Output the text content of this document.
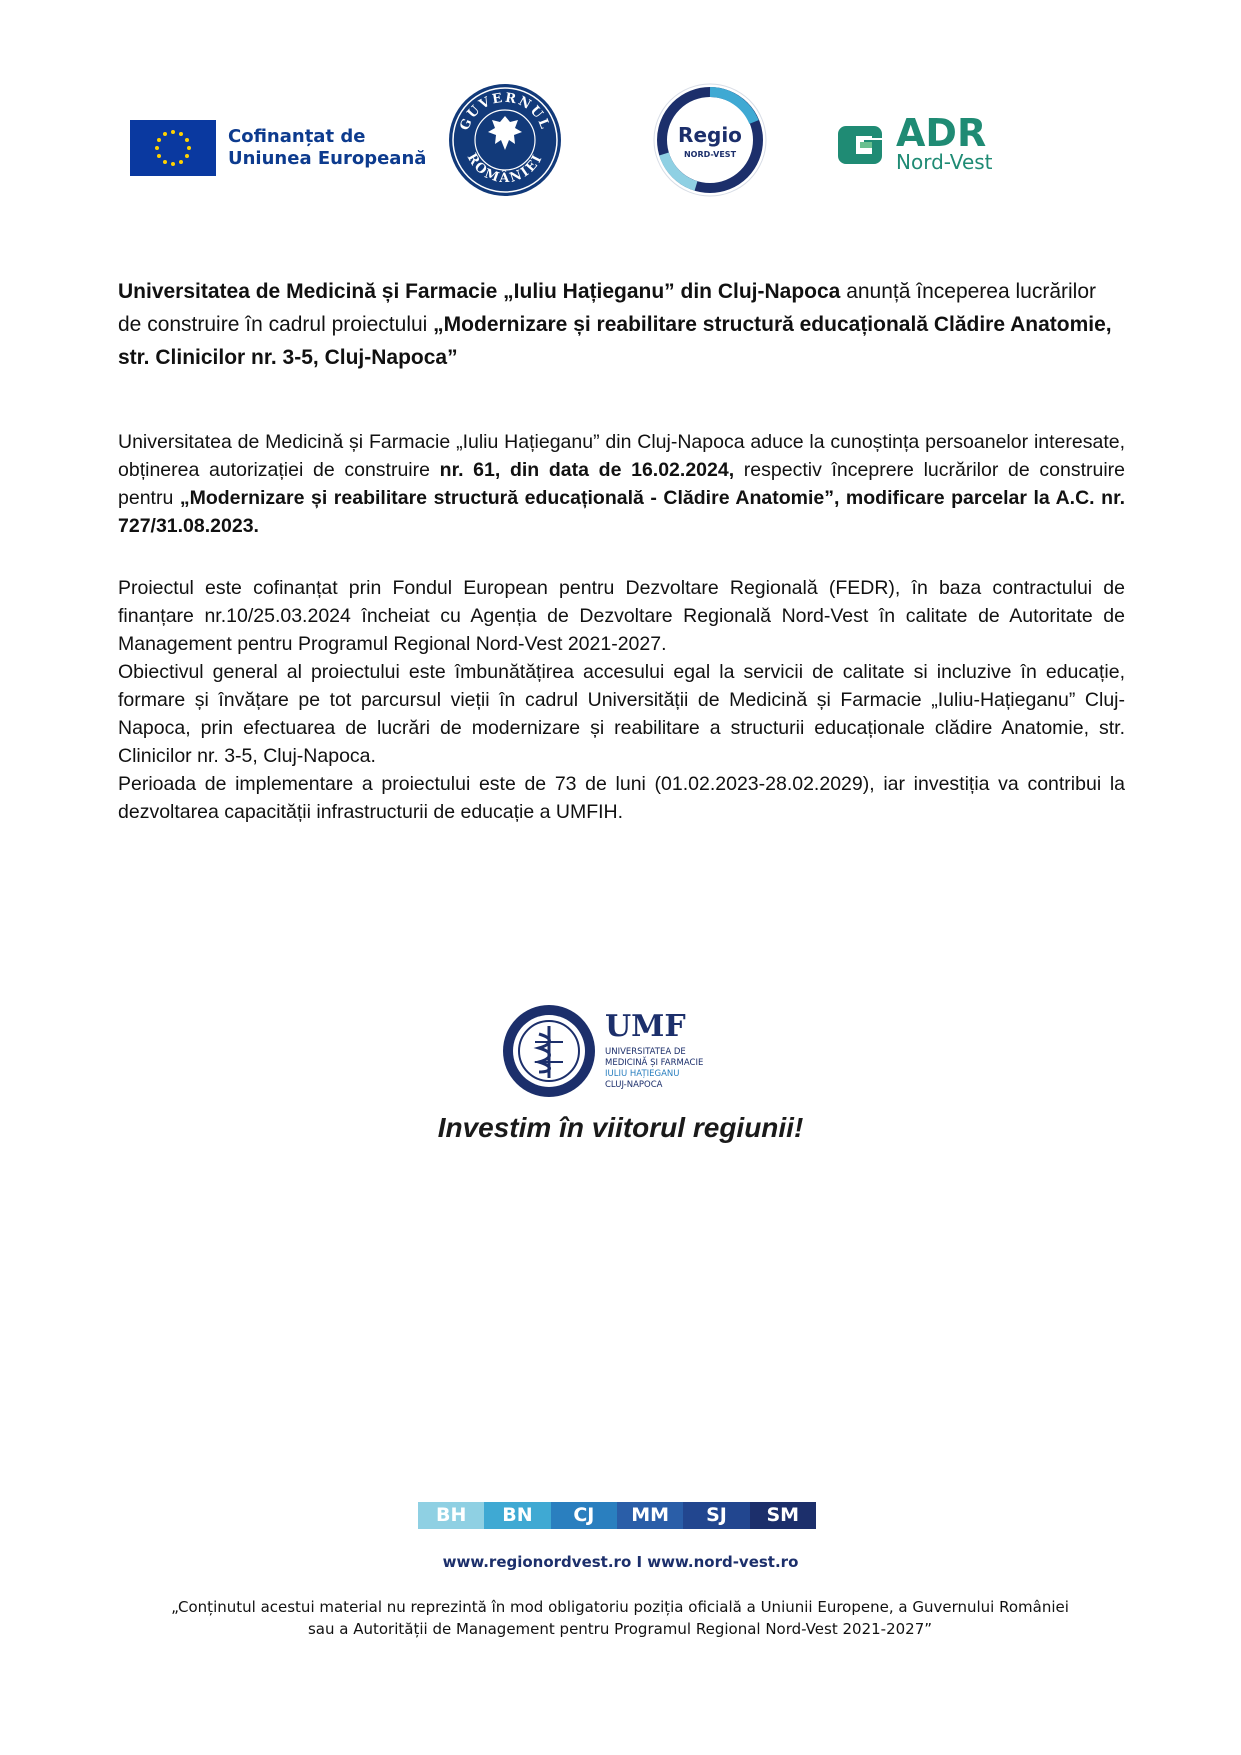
Cofinanțat de
Uniunea Europeană
GUVERNUL
ROMÂNIEI
Regio
NORD-VEST	ADR
Nord-Vest
Universitatea de Medicină și Farmacie „Iuliu Hațieganu” din Cluj-Napoca anunță începerea lucrărilor de construire în cadrul proiectului „Modernizare și reabilitare structură educațională Clădire Anatomie, str. Clinicilor nr. 3-5, Cluj-Napoca”
Universitatea de Medicină și Farmacie „Iuliu Hațieganu” din Cluj-Napoca aduce la cunoștința persoanelor interesate, obținerea autorizației de construire nr. 61, din data de 16.02.2024, respectiv începrere lucrărilor de construire pentru „Modernizare și reabilitare structură educațională - Clădire Anatomie”, modificare parcelar la A.C. nr. 727/31.08.2023.

Proiectul este cofinanțat prin Fondul European pentru Dezvoltare Regională (FEDR), în baza contractului de finanțare nr.10/25.03.2024 încheiat cu Agenția de Dezvoltare Regională Nord-Vest în calitate de Autoritate de Management pentru Programul Regional Nord-Vest 2021-2027.

Obiectivul general al proiectului este îmbunătățirea accesului egal la servicii de calitate si incluzive în educație, formare și învățare pe tot parcursul vieții în cadrul Universității de Medicină și Farmacie „Iuliu-Hațieganu” Cluj-Napoca, prin efectuarea de lucrări de modernizare și reabilitare a structurii educaționale clădire Anatomie, str. Clinicilor nr. 3-5, Cluj-Napoca.

Perioada de implementare a proiectului este de 73 de luni (01.02.2023-28.02.2029), iar investiția va contribui la dezvoltarea capacității infrastructurii de educație a UMFIH.

UMF
UNIVERSITATEA DE
MEDICINĂ ȘI FARMACIE
IULIU HAȚIEGANU
CLUJ-NAPOCA
Investim în viitorul regiunii!
BH	BN	CJ	MM	SJ	SM
www.regionordvest.ro I www.nord-vest.ro
„Conținutul acestui material nu reprezintă în mod obligatoriu poziția oficială a Uniunii Europene, a Guvernului României
sau a Autorității de Management pentru Programul Regional Nord-Vest 2021-2027”
